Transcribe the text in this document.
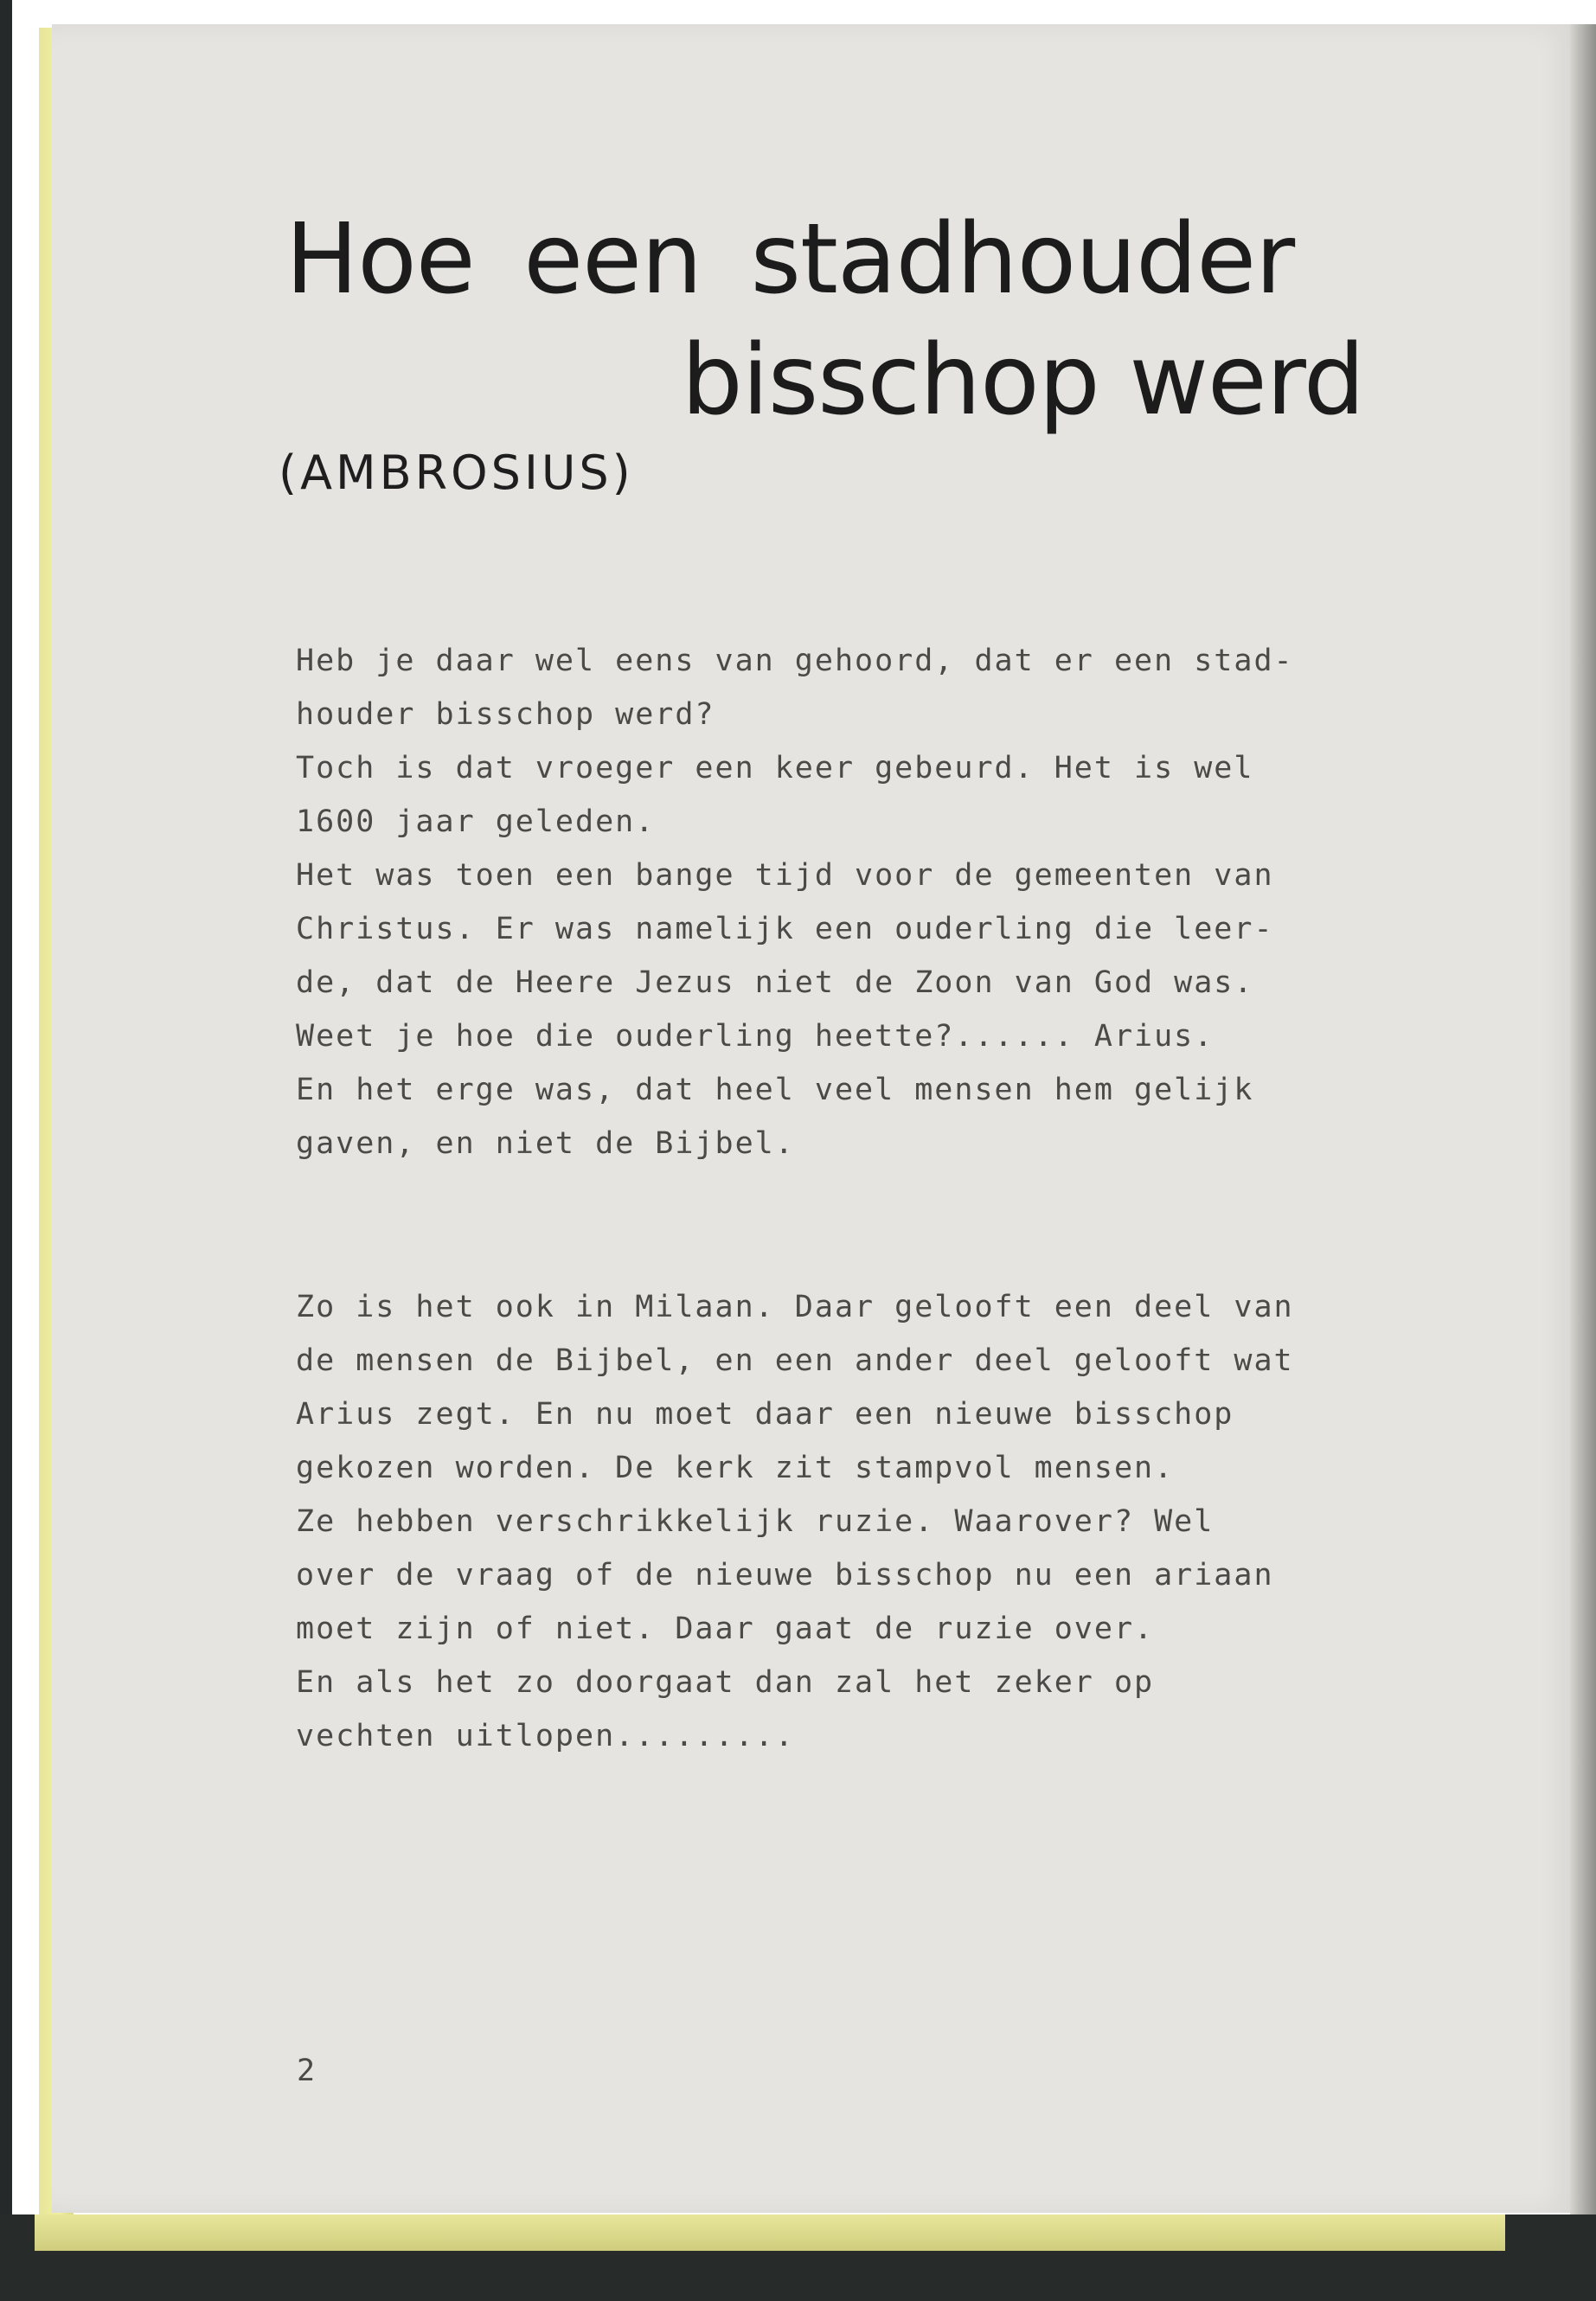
Hoe een stadhouder
bisschop werd
(AMBROSIUS)
Heb je daar wel eens van gehoord, dat er een stad-
houder bisschop werd?
Toch is dat vroeger een keer gebeurd. Het is wel
1600 jaar geleden.
Het was toen een bange tijd voor de gemeenten van
Christus. Er was namelijk een ouderling die leer-
de, dat de Heere Jezus niet de Zoon van God was.
Weet je hoe die ouderling heette?...... Arius.
En het erge was, dat heel veel mensen hem gelijk
gaven, en niet de Bijbel.
Zo is het ook in Milaan. Daar gelooft een deel van
de mensen de Bijbel, en een ander deel gelooft wat
Arius zegt. En nu moet daar een nieuwe bisschop
gekozen worden. De kerk zit stampvol mensen.
Ze hebben verschrikkelijk ruzie. Waarover? Wel
over de vraag of de nieuwe bisschop nu een ariaan
moet zijn of niet. Daar gaat de ruzie over.
En als het zo doorgaat dan zal het zeker op
vechten uitlopen.........
2
